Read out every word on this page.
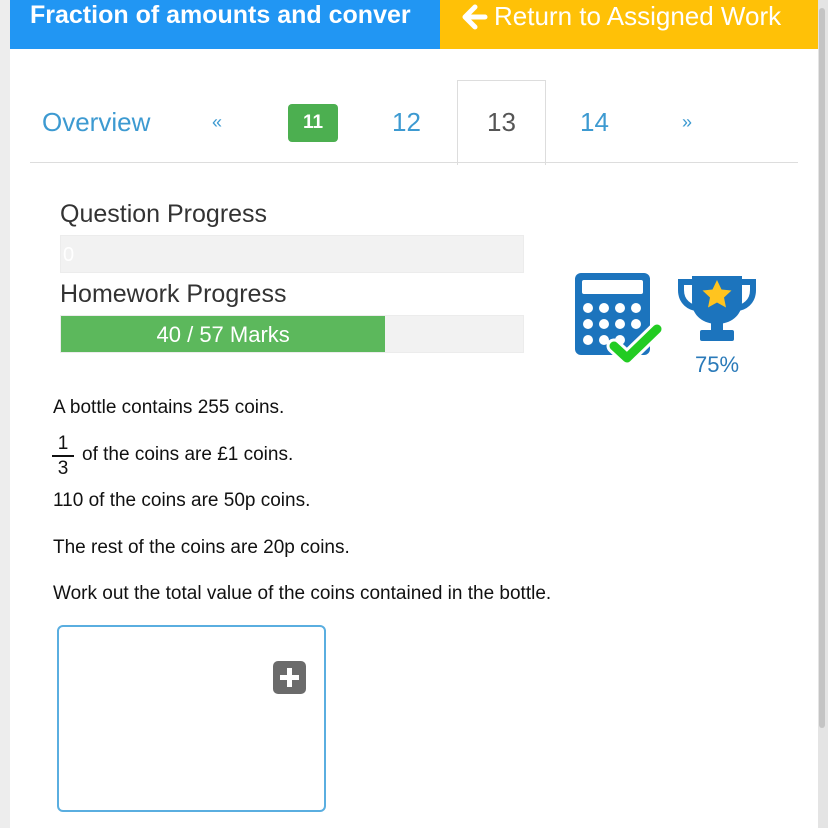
Fraction of amounts and conver	Return to Assigned Work
Overview	«	11	12	13	14	»
Question Progress
0
Homework Progress
40 / 57 Marks
75%
A bottle contains 255 coins.
1
3
of the coins are £1 coins.
110 of the coins are 50p coins.
The rest of the coins are 20p coins.
Work out the total value of the coins contained in the bottle.
